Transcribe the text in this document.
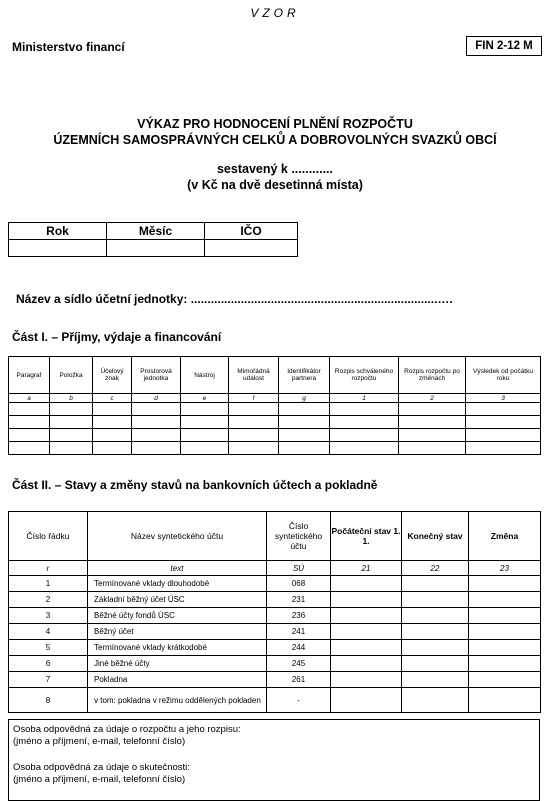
VZOR
Ministerstvo financí	FIN 2-12 M
VÝKAZ PRO HODNOCENÍ PLNĚNÍ ROZPOČTU
ÚZEMNÍCH SAMOSPRÁVNÝCH CELKŮ A DOBROVOLNÝCH SVAZKŮ OBCÍ
sestavený k ............
(v Kč na dvě desetinná místa)
Rok	Měsíc	IČO

Název a sídlo účetní jednotky: ..........................................................................….
Část I. – Příjmy, výdaje a financování
Paragraf	Položka	Účelový znak	Prostorová jednotka	Nástroj	Mimořádná událost	Identifikátor partnera	Rozpis schváleného rozpočtu	Rozpis rozpočtu po změnách	Výsledek od počátku roku
a	b	c	d	e	f	g	1	2	3

Část II. – Stavy a změny stavů na bankovních účtech a pokladně
Číslo řádku	Název syntetického účtu	Číslo syntetického účtu	Počáteční stav 1. 1.	Konečný stav	Změna
r	text	SÚ	21	22	23
1	Termínované vklady dlouhodobé	068			
2	Základní běžný účet ÚSC	231			
3	Běžné účty fondů ÚSC	236			
4	Běžný účet	241			
5	Termínované vklady krátkodobé	244			
6	Jiné běžné účty	245			
7	Pokladna	261			
8	v tom: pokladna v režimu oddělených pokladen	-			
Osoba odpovědná za údaje o rozpočtu a jeho rozpisu:
(jméno a příjmení, e-mail, telefonní číslo)
Osoba odpovědná za údaje o skutečnosti:
(jméno a příjmení, e-mail, telefonní číslo)
